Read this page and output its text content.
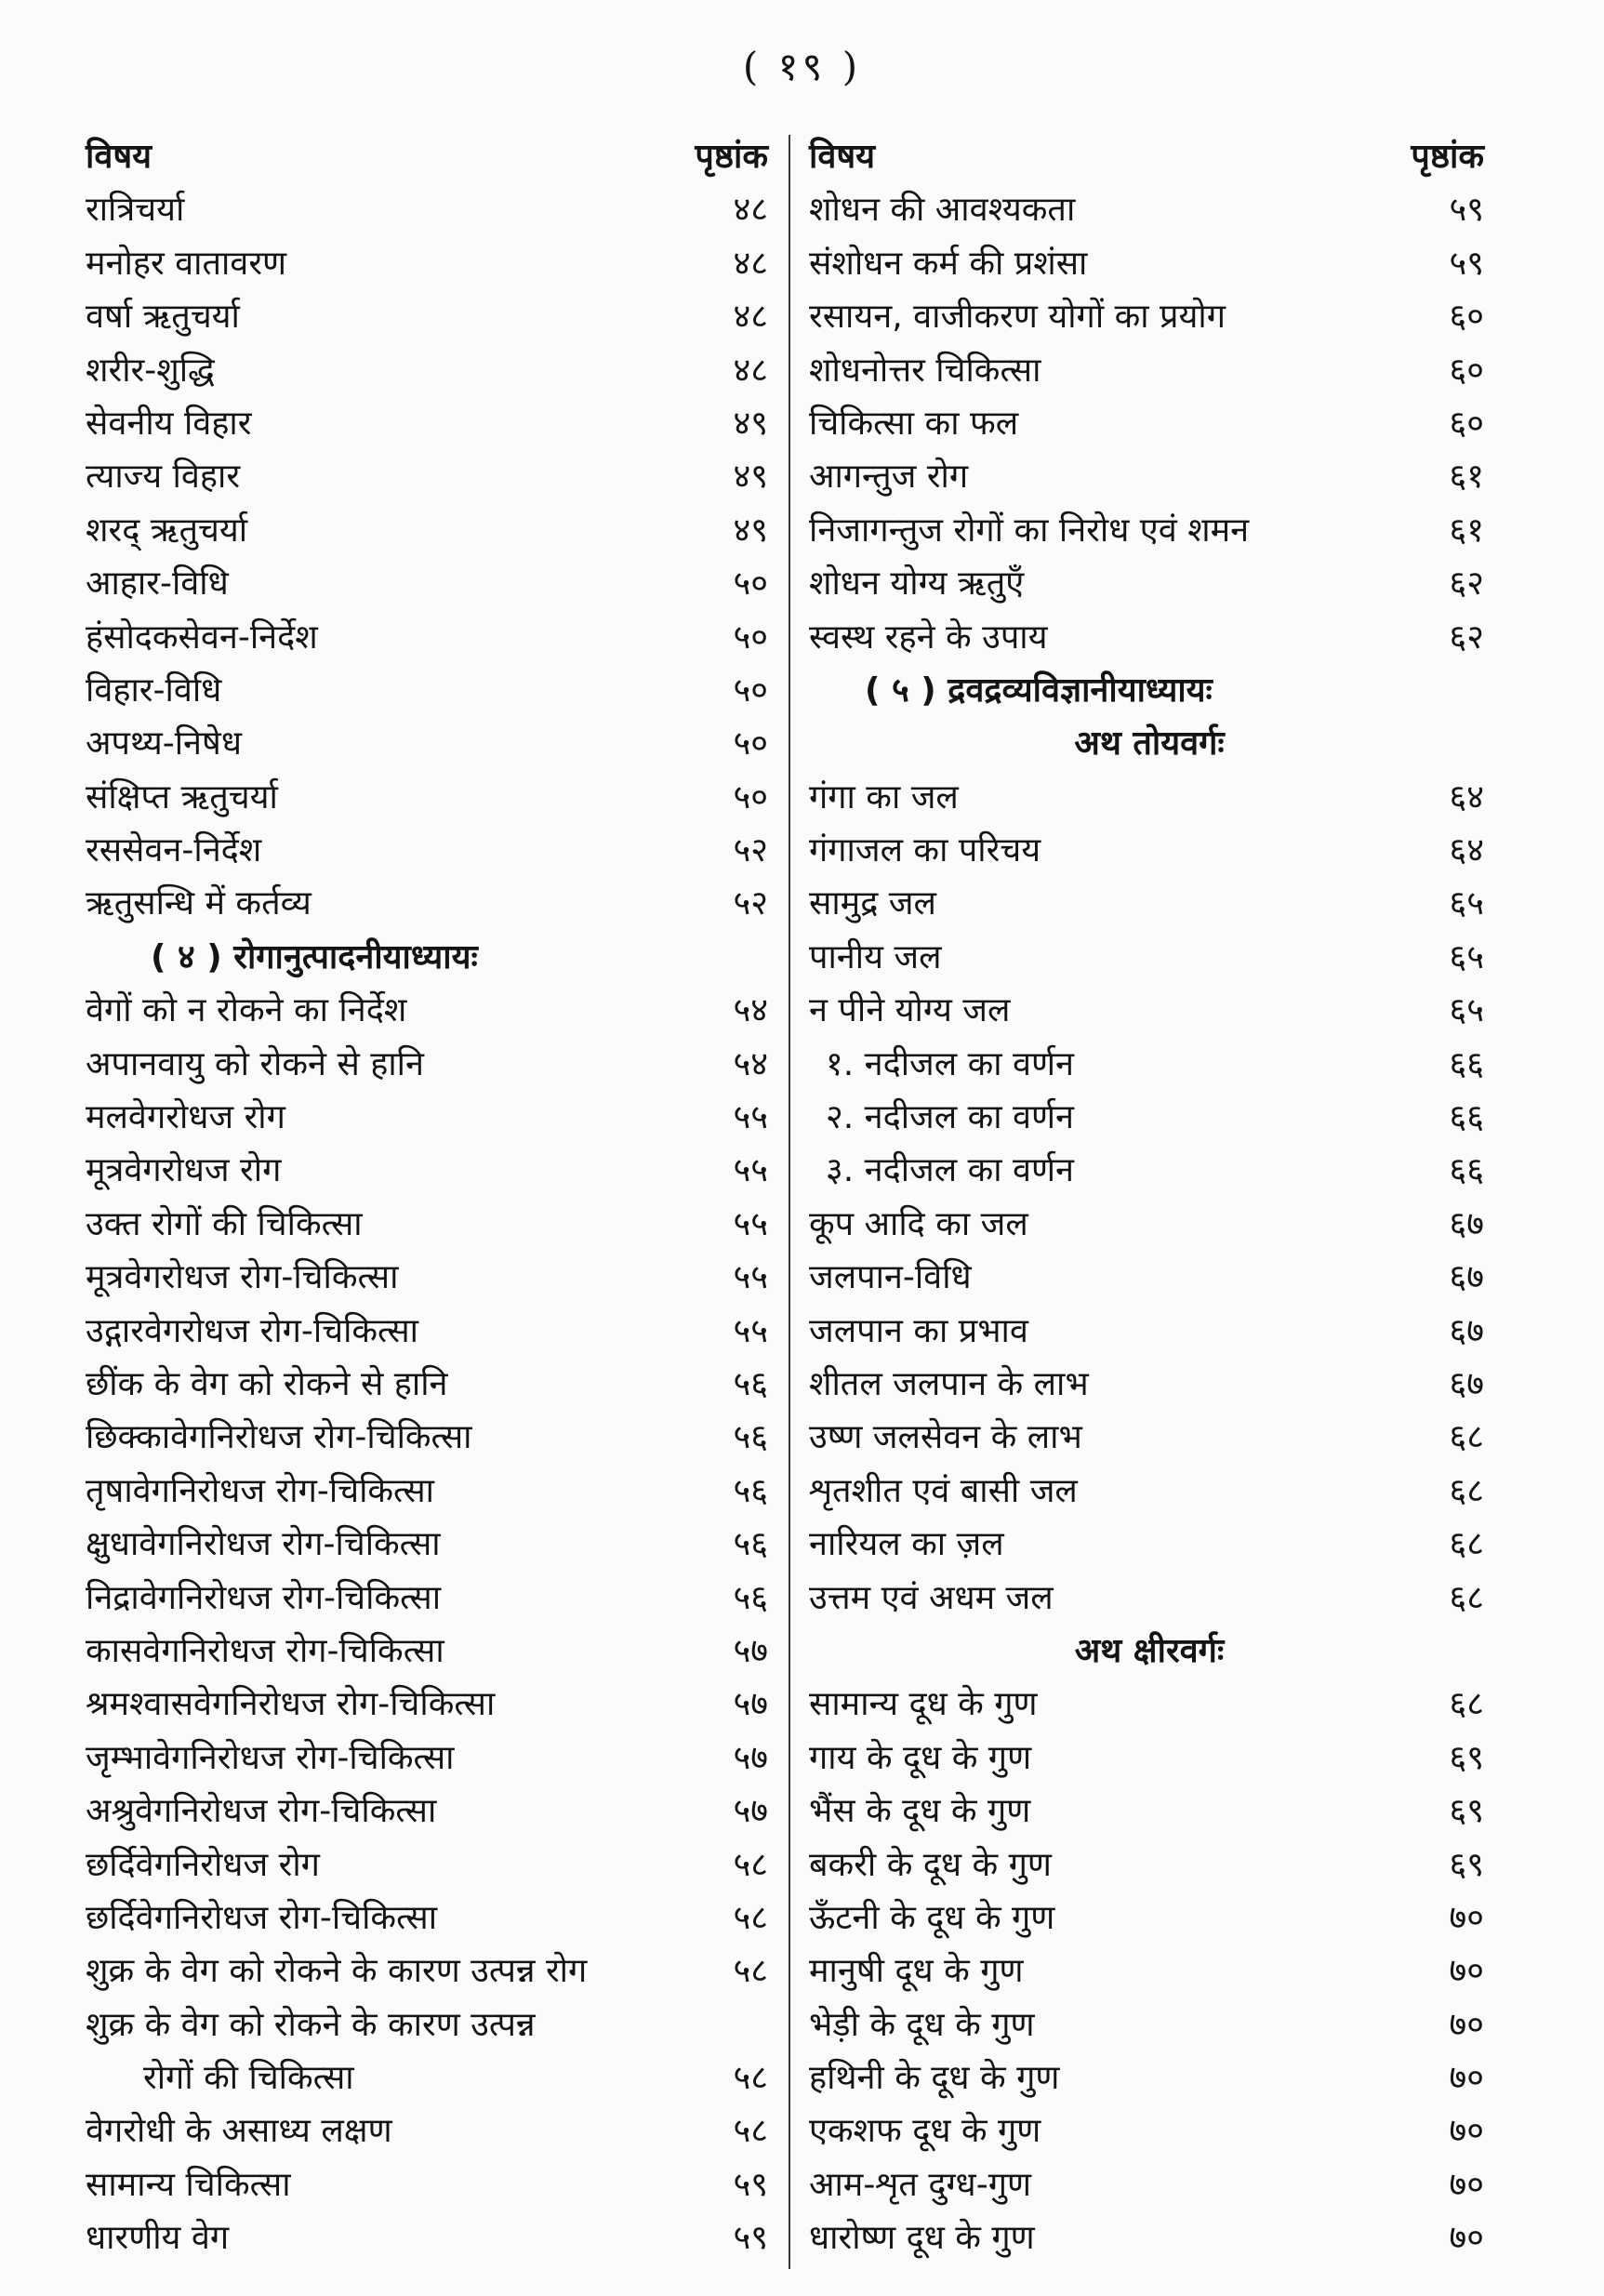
( १९ )
विषय	पृष्ठांक
रात्रिचर्या	४८
मनोहर वातावरण	४८
वर्षा ऋतुचर्या	४८
शरीर-शुद्धि	४८
सेवनीय विहार	४९
त्याज्य विहार	४९
शरद् ऋतुचर्या	४९
आहार-विधि	५०
हंसोदकसेवन-निर्देश	५०
विहार-विधि	५०
अपथ्य-निषेध	५०
संक्षिप्त ऋतुचर्या	५०
रससेवन-निर्देश	५२
ऋतुसन्धि में कर्तव्य	५२
( ४ ) रोगानुत्पादनीयाध्यायः
वेगों को न रोकने का निर्देश	५४
अपानवायु को रोकने से हानि	५४
मलवेगरोधज रोग	५५
मूत्रवेगरोधज रोग	५५
उक्त रोगों की चिकित्सा	५५
मूत्रवेगरोधज रोग-चिकित्सा	५५
उद्गारवेगरोधज रोग-चिकित्सा	५५
छींक के वेग को रोकने से हानि	५६
छिक्कावेगनिरोधज रोग-चिकित्सा	५६
तृषावेगनिरोधज रोग-चिकित्सा	५६
क्षुधावेगनिरोधज रोग-चिकित्सा	५६
निद्रावेगनिरोधज रोग-चिकित्सा	५६
कासवेगनिरोधज रोग-चिकित्सा	५७
श्रमश्वासवेगनिरोधज रोग-चिकित्सा	५७
जृम्भावेगनिरोधज रोग-चिकित्सा	५७
अश्रुवेगनिरोधज रोग-चिकित्सा	५७
छर्दिवेगनिरोधज रोग	५८
छर्दिवेगनिरोधज रोग-चिकित्सा	५८
शुक्र के वेग को रोकने के कारण उत्पन्न रोग	५८
शुक्र के वेग को रोकने के कारण उत्पन्न
रोगों की चिकित्सा	५८
वेगरोधी के असाध्य लक्षण	५८
सामान्य चिकित्सा	५९
धारणीय वेग	५९
विषय	पृष्ठांक
शोधन की आवश्यकता	५९
संशोधन कर्म की प्रशंसा	५९
रसायन, वाजीकरण योगों का प्रयोग	६०
शोधनोत्तर चिकित्सा	६०
चिकित्सा का फल	६०
आगन्तुज रोग	६१
निजागन्तुज रोगों का निरोध एवं शमन	६१
शोधन योग्य ऋतुएँ	६२
स्वस्थ रहने के उपाय	६२
( ५ ) द्रवद्रव्यविज्ञानीयाध्यायः
अथ तोयवर्गः
गंगा का जल	६४
गंगाजल का परिचय	६४
सामुद्र जल	६५
पानीय जल	६५
न पीने योग्य जल	६५
१. नदीजल का वर्णन	६६
२. नदीजल का वर्णन	६६
३. नदीजल का वर्णन	६६
कूप आदि का जल	६७
जलपान-विधि	६७
जलपान का प्रभाव	६७
शीतल जलपान के लाभ	६७
उष्ण जलसेवन के लाभ	६८
शृतशीत एवं बासी जल	६८
नारियल का ज़ल	६८
उत्तम एवं अधम जल	६८
अथ क्षीरवर्गः
सामान्य दूध के गुण	६८
गाय के दूध के गुण	६९
भैंस के दूध के गुण	६९
बकरी के दूध के गुण	६९
ऊँटनी के दूध के गुण	७०
मानुषी दूध के गुण	७०
भेड़ी के दूध के गुण	७०
हथिनी के दूध के गुण	७०
एकशफ दूध के गुण	७०
आम-शृत दुग्ध-गुण	७०
धारोष्ण दूध के गुण	७०
